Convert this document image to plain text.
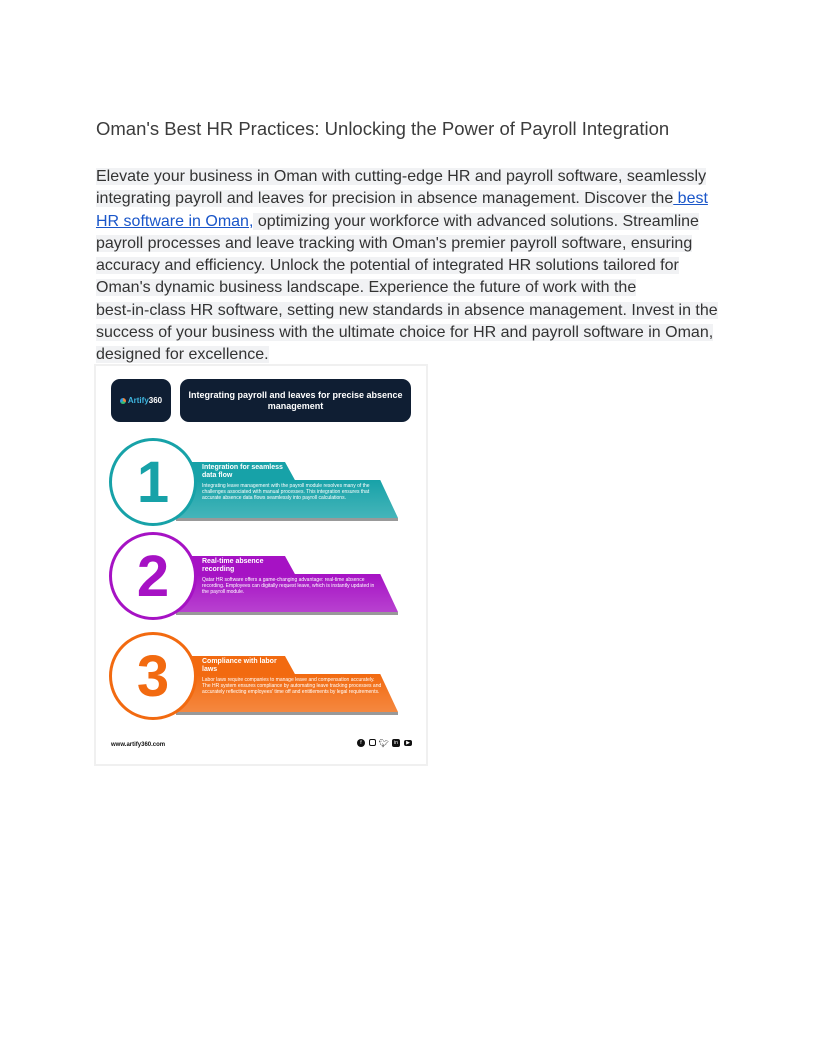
Oman's Best HR Practices: Unlocking the Power of Payroll Integration
Elevate your business in Oman with cutting-edge HR and payroll software, seamlessly
integrating payroll and leaves for precision in absence management. Discover the best
HR software in Oman, optimizing your workforce with advanced solutions. Streamline
payroll processes and leave tracking with Oman's premier payroll software, ensuring
accuracy and efficiency. Unlock the potential of integrated HR solutions tailored for
Oman's dynamic business landscape. Experience the future of work with the
best-in-class HR software, setting new standards in absence management. Invest in the
success of your business with the ultimate choice for HR and payroll software in Oman,
designed for excellence.
Artify 360
Integrating payroll and leaves for precise absence management
1	Integration for seamless data flow
Integrating leave management with the payroll module resolves many of the challenges associated with manual processes. This integration ensures that accurate absence data flows seamlessly into payroll calculations.
2	Real-time absence recording
Qatar HR software offers a game-changing advantage: real-time absence recording. Employees can digitally request leave, which is instantly updated in the payroll module.
3	Compliance with labor laws
Labor laws require companies to manage leave and compensation accurately. The HR system ensures compliance by automating leave tracking processes and accurately reflecting employees' time off and entitlements by legal requirements.
www.artify360.com	f	🐦︎ in	▶
